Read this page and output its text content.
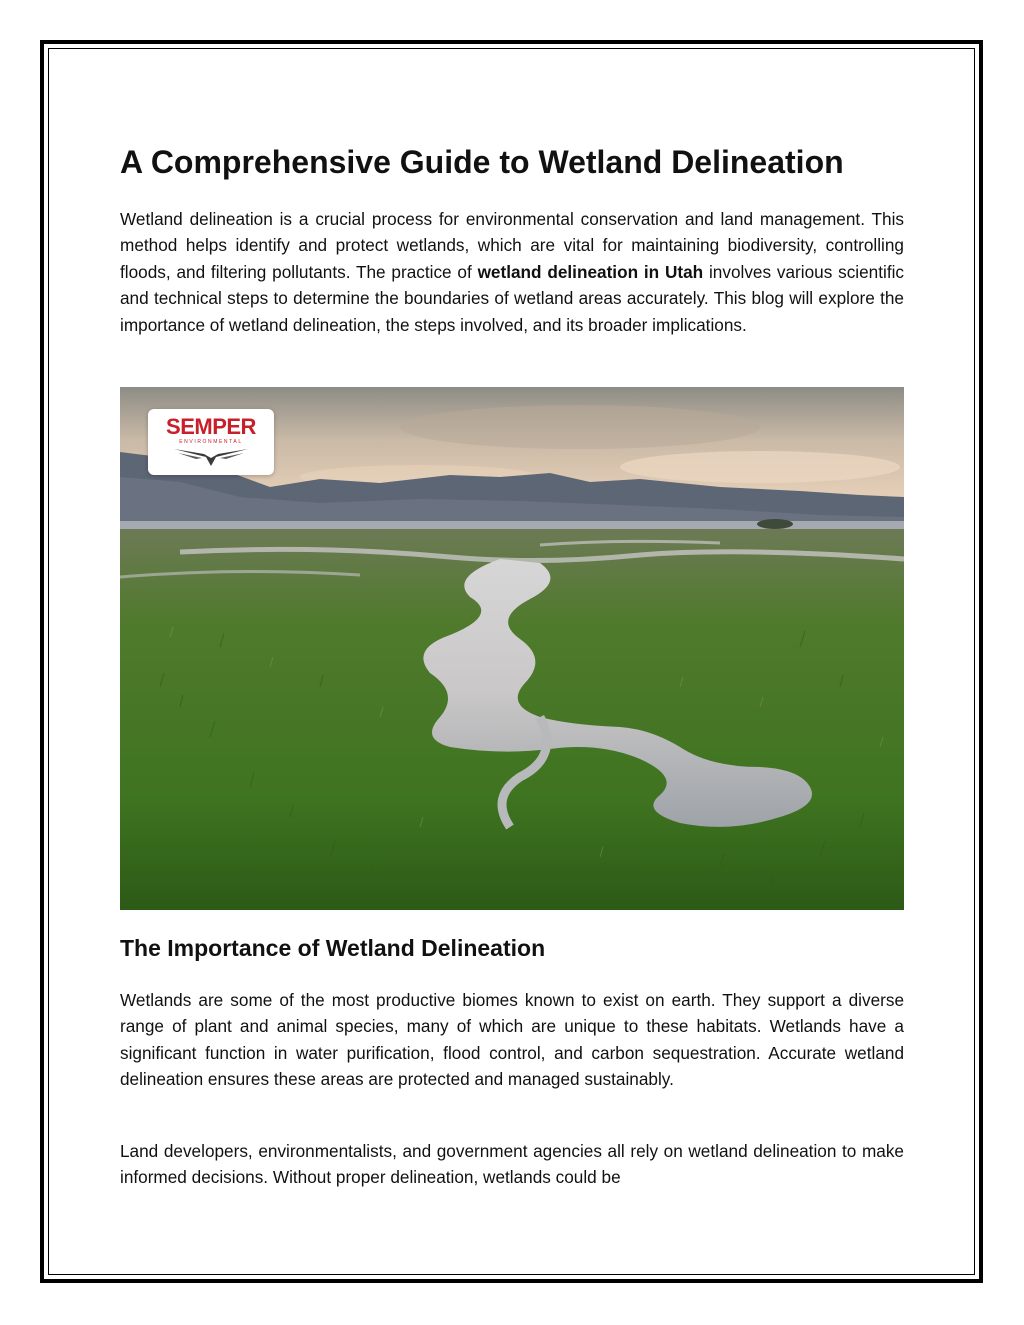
A Comprehensive Guide to Wetland Delineation

Wetland delineation is a crucial process for environmental conservation and land management. This method helps identify and protect wetlands, which are vital for maintaining biodiversity, controlling floods, and filtering pollutants. The practice of wetland delineation in Utah involves various scientific and technical steps to determine the boundaries of wetland areas accurately. This blog will explore the importance of wetland delineation, the steps involved, and its broader implications.

SEMPER
ENVIRONMENTAL
The Importance of Wetland Delineation

Wetlands are some of the most productive biomes known to exist on earth. They support a diverse range of plant and animal species, many of which are unique to these habitats. Wetlands have a significant function in water purification, flood control, and carbon sequestration. Accurate wetland delineation ensures these areas are protected and managed sustainably.

Land developers, environmentalists, and government agencies all rely on wetland delineation to make informed decisions. Without proper delineation, wetlands could be
